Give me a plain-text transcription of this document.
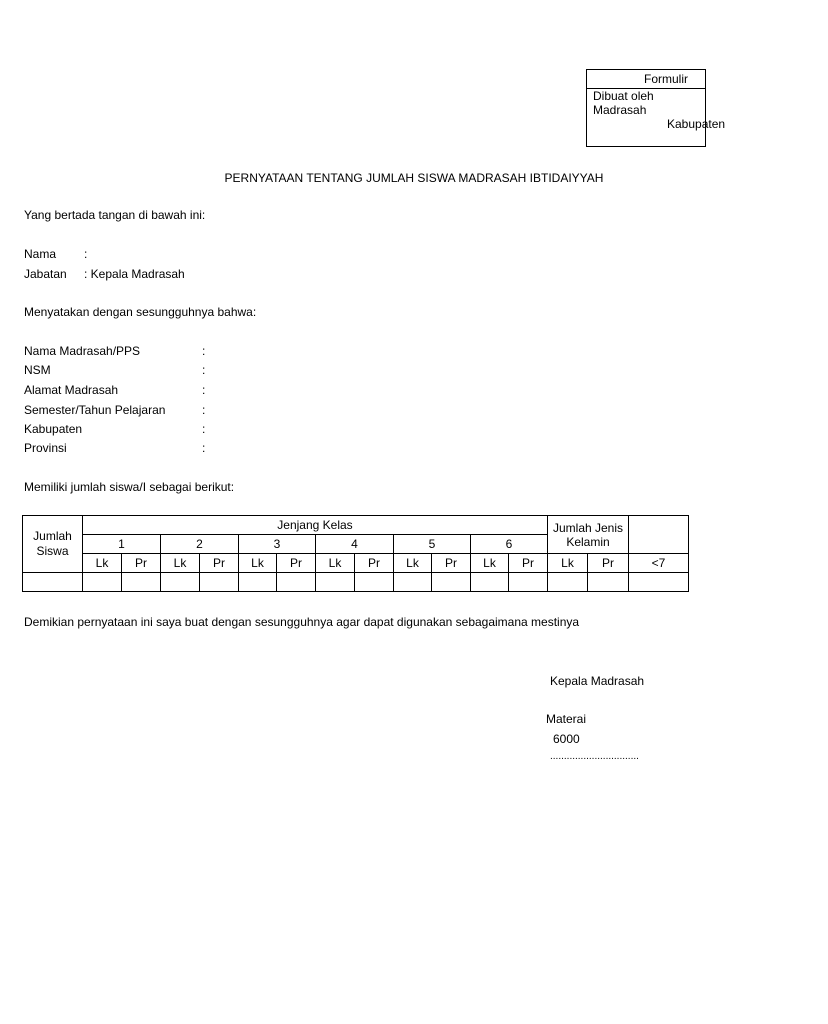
Formulir
Dibuat oleh Madrasah
Kabupaten
PERNYATAAN TENTANG JUMLAH SISWA MADRASAH IBTIDAIYYAH
Yang bertada tangan di bawah ini:
Nama :
Jabatan : Kepala Madrasah
Menyatakan dengan sesungguhnya bahwa:
Nama Madrasah/PPS	:
NSM	:
Alamat Madrasah	:
Semester/Tahun Pelajaran	:
Kabupaten	:
Provinsi	:
Memiliki jumlah siswa/I sebagai berikut:
Jumlah Siswa	Jenjang Kelas												Jumlah Jenis Kelamin		

	1		2		3		4		5		6				
	Lk	Pr	Lk	Pr	Lk	Pr	Lk	Pr	Lk	Pr	Lk	Pr	Lk	Pr	<7

Demikian pernyataan ini saya buat dengan sesungguhnya agar dapat digunakan sebagaimana mestinya
Kepala Madrasah
Materai
6000
................................
